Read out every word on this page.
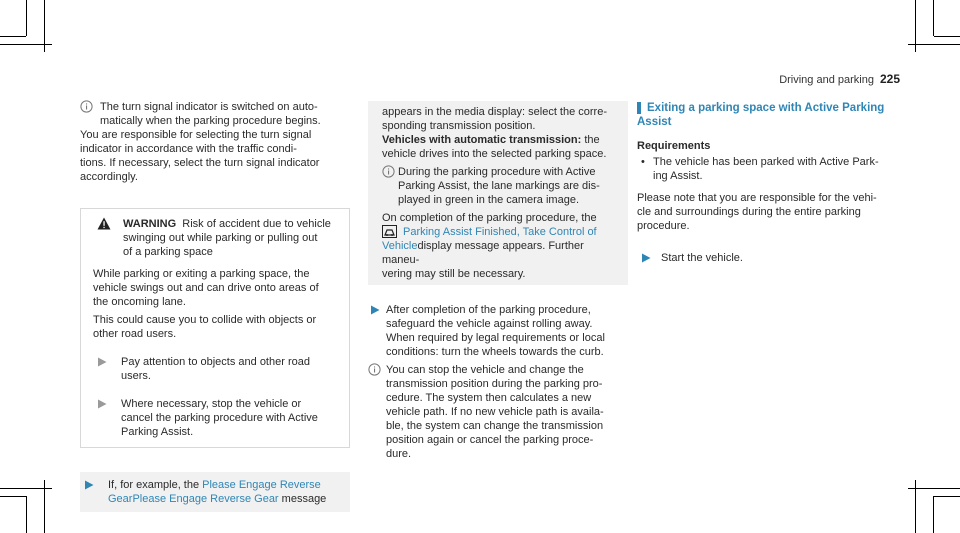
Driving and parking 225

The turn signal indicator is switched on auto-

matically when the parking procedure begins.

You are responsible for selecting the turn signal

indicator in accordance with the traffic condi-

tions. If necessary, select the turn signal indicator

accordingly.

WARNING Risk of accident due to vehicle

swinging out while parking or pulling out

of a parking space

While parking or exiting a parking space, the
vehicle swings out and can drive onto areas of
the oncoming lane.

This could cause you to collide with objects or
other road users.

Pay attention to objects and other road

users.

Where necessary, stop the vehicle or

cancel the parking procedure with Active

Parking Assist.

If, for example, the Please Engage Reverse

GearPlease Engage Reverse Gear message

appears in the media display: select the corre-

sponding transmission position.

Vehicles with automatic transmission: the

vehicle drives into the selected parking space.

During the parking procedure with Active

Parking Assist, the lane markings are dis-

played in green in the camera image.

On completion of the parking procedure, the

Parking Assist Finished, Take Control of

Vehicledisplay message appears. Further maneu-

vering may still be necessary.

After completion of the parking procedure,

safeguard the vehicle against rolling away.

When required by legal requirements or local

conditions: turn the wheels towards the curb.

You can stop the vehicle and change the

transmission position during the parking pro-

cedure. The system then calculates a new

vehicle path. If no new vehicle path is availa-

ble, the system can change the transmission

position again or cancel the parking proce-

dure.

Exiting a parking space with Active Parking

Assist

Requirements

• The vehicle has been parked with Active Park-

ing Assist.

Please note that you are responsible for the vehi-

cle and surroundings during the entire parking

procedure.

Start the vehicle.
